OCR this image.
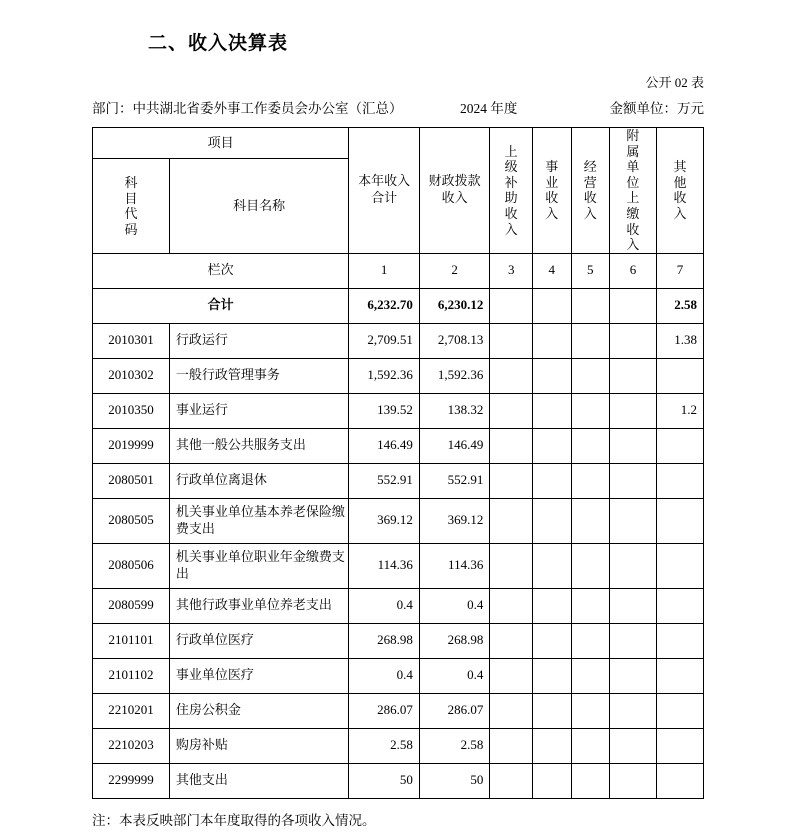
二、收入决算表
公开 02 表
部门：中共湖北省委外事工作委员会办公室（汇总）	2024 年度	金额单位：万元
项目		本年收入合计	财政拨款收入	上级补助收入	事业收入	经营收入	附属单位上缴收入	其他收入

科目代码	科目名称							
栏次		1	2	3	4	5	6	7
合计		6,232.70	6,230.12					2.58
2010301	行政运行	2,709.51	2,708.13					1.38
2010302	一般行政管理事务	1,592.36	1,592.36					
2010350	事业运行	139.52	138.32					1.2
2019999	其他一般公共服务支出	146.49	146.49					
2080501	行政单位离退休	552.91	552.91					
2080505	机关事业单位基本养老保险缴费支出	369.12	369.12					
2080506	机关事业单位职业年金缴费支出	114.36	114.36					
2080599	其他行政事业单位养老支出	0.4	0.4					
2101101	行政单位医疗	268.98	268.98					
2101102	事业单位医疗	0.4	0.4					
2210201	住房公积金	286.07	286.07					
2210203	购房补贴	2.58	2.58					
2299999	其他支出	50	50					
注：本表反映部门本年度取得的各项收入情况。
